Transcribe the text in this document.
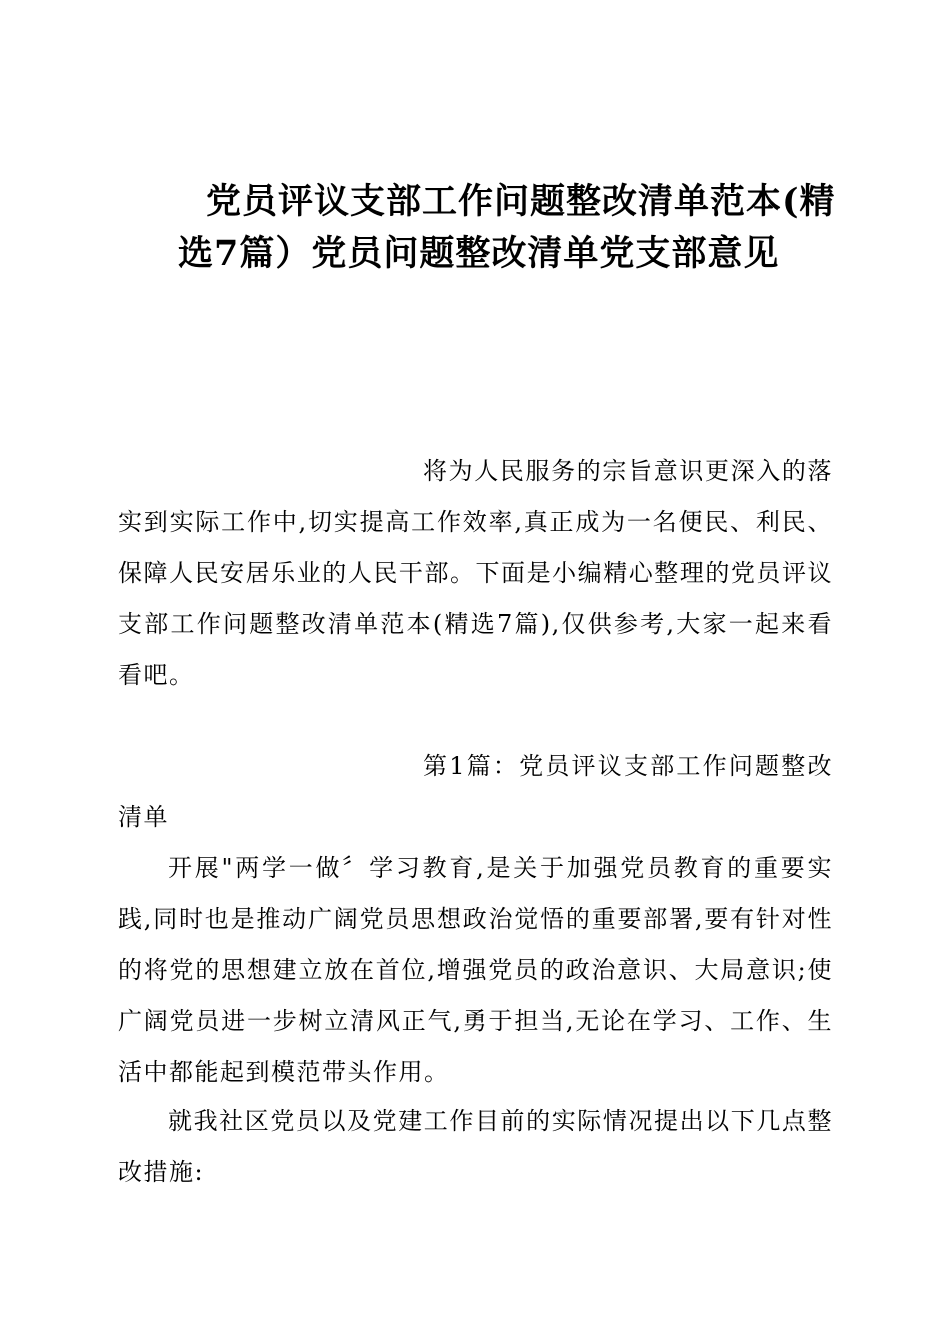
党员评议支部工作问题整改清单范本(精
选7篇）党员问题整改清单党支部意见

将为人民服务的宗旨意识更深入的落实到实际工作中,切实提高工作效率,真正成为一名便民、利民、保障人民安居乐业的人民干部。下面是小编精心整理的党员评议支部工作问题整改清单范本(精选7篇),仅供参考,大家一起来看看吧。

第1篇：党员评议支部工作问题整改清单

开展"两学一做〞学习教育,是关于加强党员教育的重要实践,同时也是推动广阔党员思想政治觉悟的重要部署,要有针对性的将党的思想建立放在首位,增强党员的政治意识、大局意识;使广阔党员进一步树立清风正气,勇于担当,无论在学习、工作、生活中都能起到模范带头作用。

就我社区党员以及党建工作目前的实际情况提出以下几点整改措施:
